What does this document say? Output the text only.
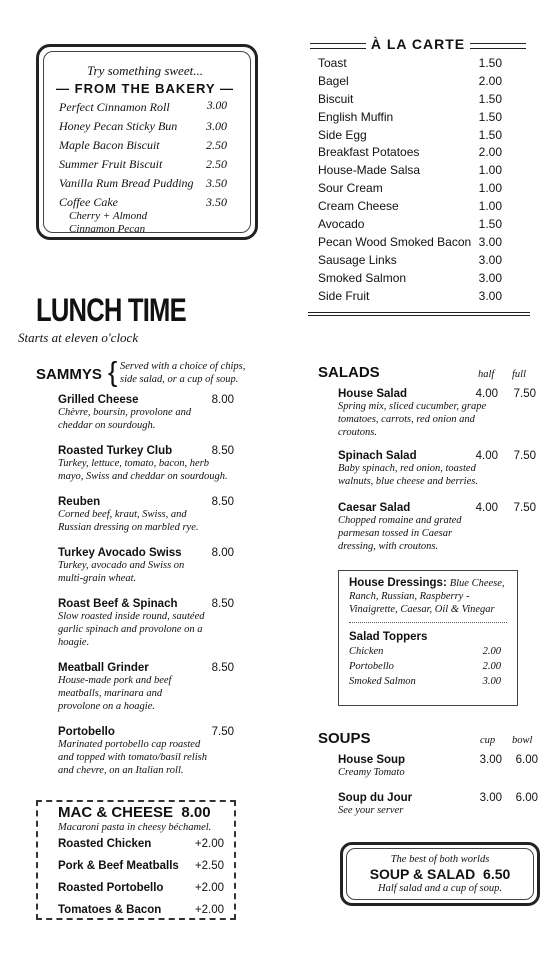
Try something sweet...
— FROM THE BAKERY —
Perfect Cinnamon Roll	3.00
Honey Pecan Sticky Bun 3.00
Maple Bacon Biscuit	2.50
Summer Fruit Biscuit	2.50
Vanilla Rum Bread Pudding 3.50
Coffee Cake	3.50
Cherry + Almond
Cinnamon Pecan
À LA CARTE
Toast	1.50
Bagel	2.00
Biscuit	1.50
English Muffin	1.50
Side Egg	1.50
Breakfast Potatoes	2.00
House-Made Salsa	1.00
Sour Cream	1.00
Cream Cheese	1.00
Avocado	1.50
Pecan Wood Smoked Bacon 3.00
Sausage Links	3.00
Smoked Salmon	3.00
Side Fruit	3.00
LUNCH TIME
Starts at eleven o'clock
SAMMYS { Served with a choice of chips,
side salad, or a cup of soup.
Grilled Cheese	8.00
Chèvre, boursin, provolone and
cheddar on sourdough.
Roasted Turkey Club	8.50
Turkey, lettuce, tomato, bacon, herb
mayo, Swiss and cheddar on sourdough.
Reuben	8.50
Corned beef, kraut, Swiss, and
Russian dressing on marbled rye.
Turkey Avocado Swiss	8.00
Turkey, avocado and Swiss on
multi-grain wheat.
Roast Beef & Spinach	8.50
Slow roasted inside round, sautéed
garlic spinach and provolone on a
hoagie.
Meatball Grinder	8.50
House-made pork and beef
meatballs, marinara and
provolone on a hoagie.
Portobello	7.50
Marinated portobello cap roasted
and topped with tomato/basil relish
and chevre, on an Italian roll.
MAC & CHEESE 8.00
Macaroni pasta in cheesy béchamel.
Roasted Chicken	+2.00
Pork & Beef Meatballs +2.50
Roasted Portobello	+2.00
Tomatoes & Bacon	+2.00
SALADS	half full
House Salad	4.00	7.50
Spring mix, sliced cucumber, grape
tomatoes, carrots, red onion and
croutons.
Spinach Salad	4.00	7.50
Baby spinach, red onion, toasted
walnuts, blue cheese and berries.
Caesar Salad	4.00	7.50
Chopped romaine and grated
parmesan tossed in Caesar
dressing, with croutons.
House Dressings: Blue Cheese,
Ranch, Russian, Raspberry -
Vinaigrette, Caesar, Oil & Vinegar
Salad Toppers
Chicken	2.00
Portobello	2.00
Smoked Salmon	3.00
SOUPS	cup bowl
House Soup	3.00	6.00
Creamy Tomato
Soup du Jour	3.00	6.00
See your server
The best of both worlds
SOUP & SALAD 6.50
Half salad and a cup of soup.
